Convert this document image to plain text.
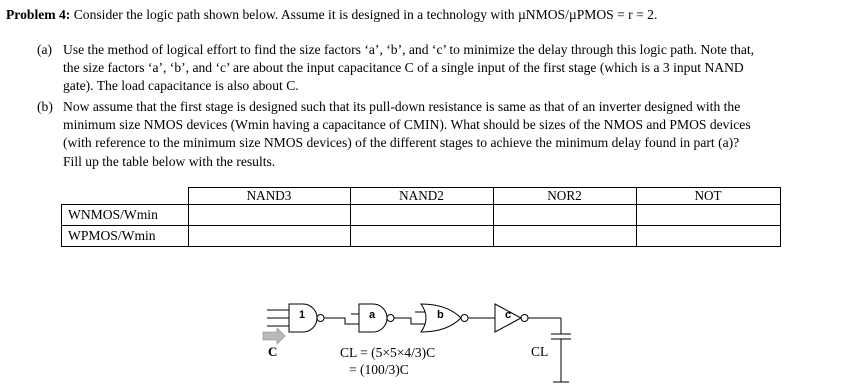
Problem 4: Consider the logic path shown below. Assume it is designed in a technology with µNMOS/µPMOS = r = 2.
(a) Use the method of logical effort to find the size factors ‘a’, ‘b’, and ‘c’ to minimize the delay through this logic path. Note that,
the size factors ‘a’, ‘b’, and ‘c’ are about the input capacitance C of a single input of the first stage (which is a 3 input NAND
gate). The load capacitance is also about C.
(b) Now assume that the first stage is designed such that its pull-down resistance is same as that of an inverter designed with the
minimum size NMOS devices (Wmin having a capacitance of CMIN). What should be sizes of the NMOS and PMOS devices
(with reference to the minimum size NMOS devices) of the different stages to achieve the minimum delay found in part (a)?
Fill up the table below with the results.
	NAND3	NAND2	NOR2	NOT
WNMOS/Wmin				
WPMOS/Wmin				
1	a	b	c
C	CL = (5×5×4/3)C
= (100/3)C
CL
